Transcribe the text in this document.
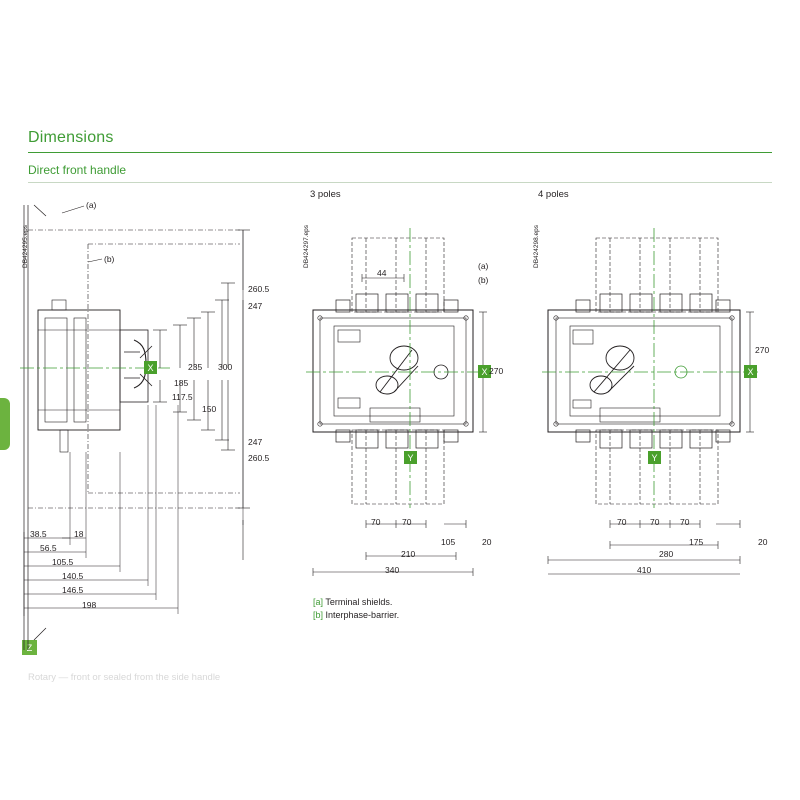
Dimensions
Direct front handle
Z
3 poles	4 poles
DB424295.eps	DB424297.eps	DB424298.eps
(a)
(b)
X
260.5
247
300
235
185
150
117.5
247
260.5
38.5	18
56.5
105.5
140.5
146.5
198
(a)
(b)
44
X
Y
270
70	70
105	20
210
340
X
Y
270
70	70 70
175	20
280
410
[a] Terminal shields.
[b] Interphase-barrier.
Rotary — front or sealed from the side handle
